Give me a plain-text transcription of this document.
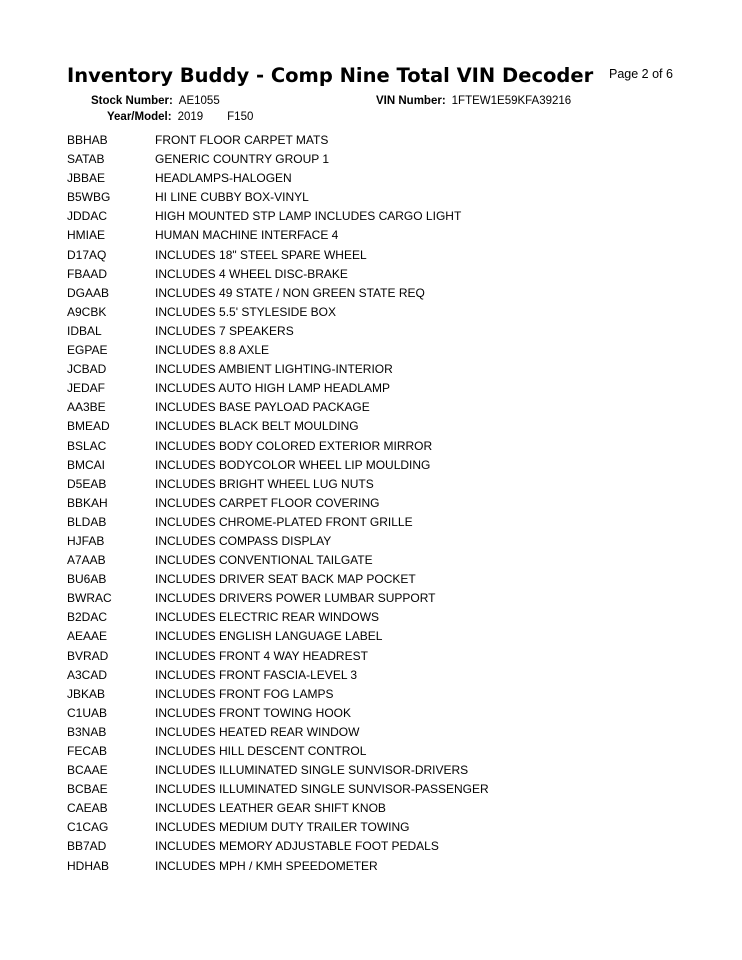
Inventory Buddy - Comp Nine Total VIN Decoder Page 2 of 6
Stock Number: AE1055	VIN Number: 1FTEW1E59KFA39216
Year/Model: 2019 F150
BBHAB	FRONT FLOOR CARPET MATS
SATAB	GENERIC COUNTRY GROUP 1
JBBAE	HEADLAMPS-HALOGEN
B5WBG	HI LINE CUBBY BOX-VINYL
JDDAC	HIGH MOUNTED STP LAMP INCLUDES CARGO LIGHT
HMIAE	HUMAN MACHINE INTERFACE 4
D17AQ	INCLUDES 18" STEEL SPARE WHEEL
FBAAD	INCLUDES 4 WHEEL DISC-BRAKE
DGAAB	INCLUDES 49 STATE / NON GREEN STATE REQ
A9CBK	INCLUDES 5.5' STYLESIDE BOX
IDBAL	INCLUDES 7 SPEAKERS
EGPAE	INCLUDES 8.8 AXLE
JCBAD	INCLUDES AMBIENT LIGHTING-INTERIOR
JEDAF	INCLUDES AUTO HIGH LAMP HEADLAMP
AA3BE	INCLUDES BASE PAYLOAD PACKAGE
BMEAD	INCLUDES BLACK BELT MOULDING
BSLAC	INCLUDES BODY COLORED EXTERIOR MIRROR
BMCAI	INCLUDES BODYCOLOR WHEEL LIP MOULDING
D5EAB	INCLUDES BRIGHT WHEEL LUG NUTS
BBKAH	INCLUDES CARPET FLOOR COVERING
BLDAB	INCLUDES CHROME-PLATED FRONT GRILLE
HJFAB	INCLUDES COMPASS DISPLAY
A7AAB	INCLUDES CONVENTIONAL TAILGATE
BU6AB	INCLUDES DRIVER SEAT BACK MAP POCKET
BWRAC	INCLUDES DRIVERS POWER LUMBAR SUPPORT
B2DAC	INCLUDES ELECTRIC REAR WINDOWS
AEAAE	INCLUDES ENGLISH LANGUAGE LABEL
BVRAD	INCLUDES FRONT 4 WAY HEADREST
A3CAD	INCLUDES FRONT FASCIA-LEVEL 3
JBKAB	INCLUDES FRONT FOG LAMPS
C1UAB	INCLUDES FRONT TOWING HOOK
B3NAB	INCLUDES HEATED REAR WINDOW
FECAB	INCLUDES HILL DESCENT CONTROL
BCAAE	INCLUDES ILLUMINATED SINGLE SUNVISOR-DRIVERS
BCBAE	INCLUDES ILLUMINATED SINGLE SUNVISOR-PASSENGER
CAEAB	INCLUDES LEATHER GEAR SHIFT KNOB
C1CAG	INCLUDES MEDIUM DUTY TRAILER TOWING
BB7AD	INCLUDES MEMORY ADJUSTABLE FOOT PEDALS
HDHAB	INCLUDES MPH / KMH SPEEDOMETER
